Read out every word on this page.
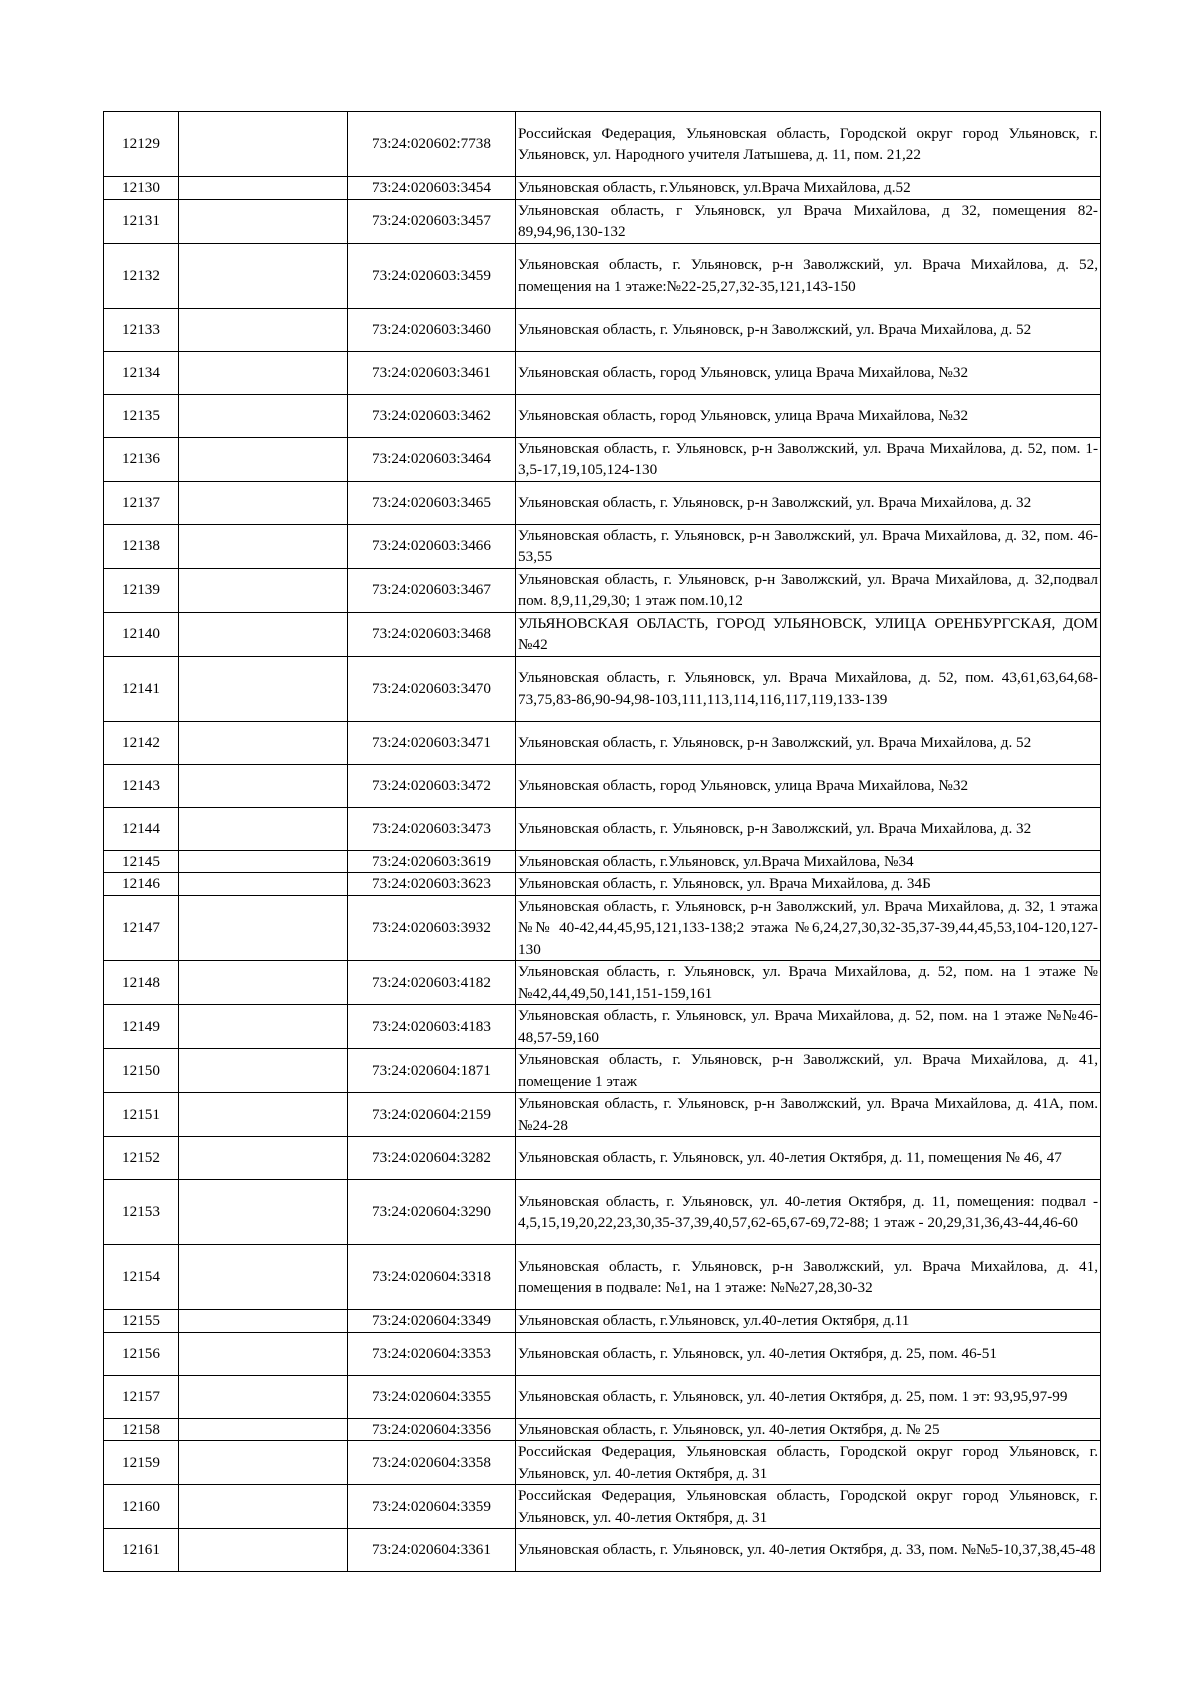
12129		73:24:020602:7738	Российская Федерация, Ульяновская область, Городской округ город Ульяновск, г. Ульяновск, ул. Народного учителя Латышева, д. 11, пом. 21,22
12130		73:24:020603:3454	Ульяновская область, г.Ульяновск, ул.Врача Михайлова, д.52
12131		73:24:020603:3457	Ульяновская область, г Ульяновск, ул Врача Михайлова, д 32, помещения 82-89,94,96,130-132
12132		73:24:020603:3459	Ульяновская область, г. Ульяновск, р-н Заволжский, ул. Врача Михайлова, д. 52, помещения на 1 этаже:№22-25,27,32-35,121,143-150
12133		73:24:020603:3460	Ульяновская область, г. Ульяновск, р-н Заволжский, ул. Врача Михайлова, д. 52
12134		73:24:020603:3461	Ульяновская область, город Ульяновск, улица Врача Михайлова, №32
12135		73:24:020603:3462	Ульяновская область, город Ульяновск, улица Врача Михайлова, №32
12136		73:24:020603:3464	Ульяновская область, г. Ульяновск, р-н Заволжский, ул. Врача Михайлова, д. 52, пом. 1-3,5-17,19,105,124-130
12137		73:24:020603:3465	Ульяновская область, г. Ульяновск, р-н Заволжский, ул. Врача Михайлова, д. 32
12138		73:24:020603:3466	Ульяновская область, г. Ульяновск, р-н Заволжский, ул. Врача Михайлова, д. 32, пом. 46-53,55
12139		73:24:020603:3467	Ульяновская область, г. Ульяновск, р-н Заволжский, ул. Врача Михайлова, д. 32,подвал пом. 8,9,11,29,30; 1 этаж пом.10,12
12140		73:24:020603:3468	УЛЬЯНОВСКАЯ ОБЛАСТЬ, ГОРОД УЛЬЯНОВСК, УЛИЦА ОРЕНБУРГСКАЯ, ДОМ №42
12141		73:24:020603:3470	Ульяновская область, г. Ульяновск, ул. Врача Михайлова, д. 52, пом. 43,61,63,64,68-73,75,83-86,90-94,98-103,111,113,114,116,117,119,133-139
12142		73:24:020603:3471	Ульяновская область, г. Ульяновск, р-н Заволжский, ул. Врача Михайлова, д. 52
12143		73:24:020603:3472	Ульяновская область, город Ульяновск, улица Врача Михайлова, №32
12144		73:24:020603:3473	Ульяновская область, г. Ульяновск, р-н Заволжский, ул. Врача Михайлова, д. 32
12145		73:24:020603:3619	Ульяновская область, г.Ульяновск, ул.Врача Михайлова, №34
12146		73:24:020603:3623	Ульяновская область, г. Ульяновск, ул. Врача Михайлова, д. 34Б
12147		73:24:020603:3932	Ульяновская область, г. Ульяновск, р-н Заволжский, ул. Врача Михайлова, д. 32, 1 этажа №№ 40-42,44,45,95,121,133-138;2 этажа №6,24,27,30,32-35,37-39,44,45,53,104-120,127-130
12148		73:24:020603:4182	Ульяновская область, г. Ульяновск, ул. Врача Михайлова, д. 52, пом. на 1 этаже №№42,44,49,50,141,151-159,161
12149		73:24:020603:4183	Ульяновская область, г. Ульяновск, ул. Врача Михайлова, д. 52, пом. на 1 этаже №№46-48,57-59,160
12150		73:24:020604:1871	Ульяновская область, г. Ульяновск, р-н Заволжский, ул. Врача Михайлова, д. 41, помещение 1 этаж
12151		73:24:020604:2159	Ульяновская область, г. Ульяновск, р-н Заволжский, ул. Врача Михайлова, д. 41А, пом. №24-28
12152		73:24:020604:3282	Ульяновская область, г. Ульяновск, ул. 40-летия Октября, д. 11, помещения № 46, 47
12153		73:24:020604:3290	Ульяновская область, г. Ульяновск, ул. 40-летия Октября, д. 11, помещения: подвал - 4,5,15,19,20,22,23,30,35-37,39,40,57,62-65,67-69,72-88; 1 этаж - 20,29,31,36,43-44,46-60
12154		73:24:020604:3318	Ульяновская область, г. Ульяновск, р-н Заволжский, ул. Врача Михайлова, д. 41, помещения в подвале: №1, на 1 этаже: №№27,28,30-32
12155		73:24:020604:3349	Ульяновская область, г.Ульяновск, ул.40-летия Октября, д.11
12156		73:24:020604:3353	Ульяновская область, г. Ульяновск, ул. 40-летия Октября, д. 25, пом. 46-51
12157		73:24:020604:3355	Ульяновская область, г. Ульяновск, ул. 40-летия Октября, д. 25, пом. 1 эт: 93,95,97-99
12158		73:24:020604:3356	Ульяновская область, г. Ульяновск, ул. 40-летия Октября, д. № 25
12159		73:24:020604:3358	Российская Федерация, Ульяновская область, Городской округ город Ульяновск, г. Ульяновск, ул. 40-летия Октября, д. 31
12160		73:24:020604:3359	Российская Федерация, Ульяновская область, Городской округ город Ульяновск, г. Ульяновск, ул. 40-летия Октября, д. 31
12161		73:24:020604:3361	Ульяновская область, г. Ульяновск, ул. 40-летия Октября, д. 33, пом. №№5-10,37,38,45-48
